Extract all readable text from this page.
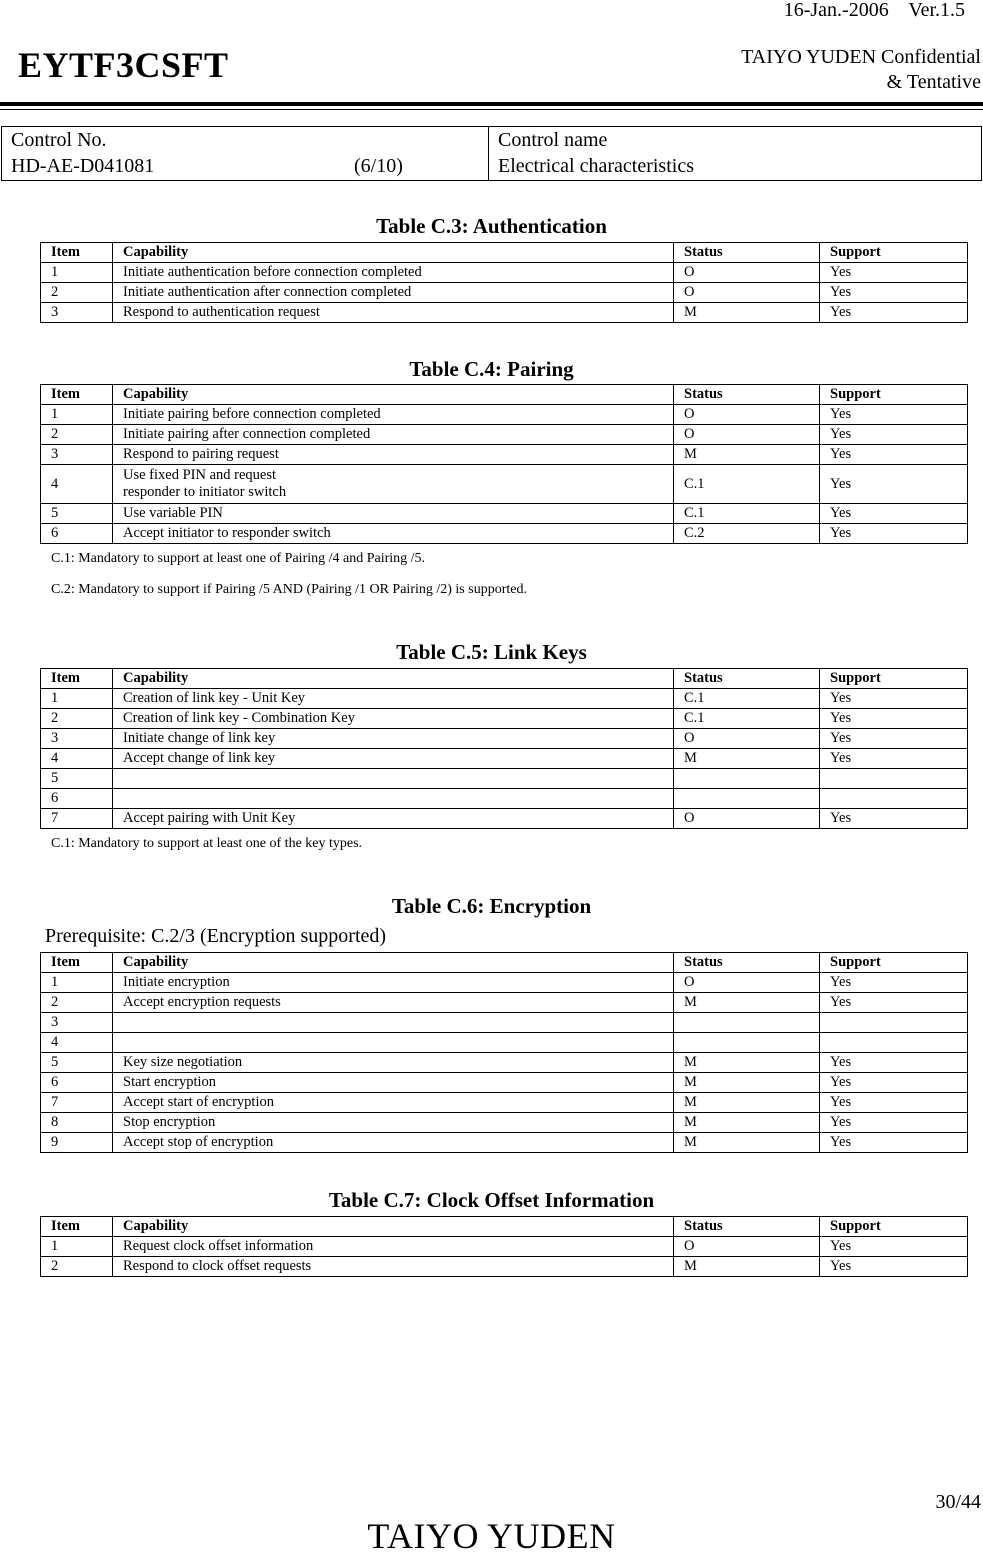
16-Jan.-2006    Ver.1.5
EYTF3CSFT	TAIYO YUDEN Confidential
& Tentative
Control No.
HD-AE-D041081	(6/10)
Control name
Electrical characteristics
Table C.3: Authentication
Item	Capability	Status	Support
1	Initiate authentication before connection completed	O	Yes
2	Initiate authentication after connection completed	O	Yes
3	Respond to authentication request	M	Yes
Table C.4: Pairing
Item	Capability	Status	Support
1	Initiate pairing before connection completed	O	Yes
2	Initiate pairing after connection completed	O	Yes
3	Respond to pairing request	M	Yes
4	Use fixed PIN and request
responder to initiator switch	C.1	Yes
5	Use variable PIN	C.1	Yes
6	Accept initiator to responder switch	C.2	Yes
C.1: Mandatory to support at least one of Pairing /4 and Pairing /5.
C.2: Mandatory to support if Pairing /5 AND (Pairing /1 OR Pairing /2) is supported.
Table C.5: Link Keys
Item	Capability	Status	Support
1	Creation of link key - Unit Key	C.1	Yes
2	Creation of link key - Combination Key	C.1	Yes
3	Initiate change of link key	O	Yes
4	Accept change of link key	M	Yes
5			
6			
7	Accept pairing with Unit Key	O	Yes
C.1: Mandatory to support at least one of the key types.
Table C.6: Encryption
Prerequisite: C.2/3 (Encryption supported)
Item	Capability	Status	Support
1	Initiate encryption	O	Yes
2	Accept encryption requests	M	Yes
3			
4			
5	Key size negotiation	M	Yes
6	Start encryption	M	Yes
7	Accept start of encryption	M	Yes
8	Stop encryption	M	Yes
9	Accept stop of encryption	M	Yes
Table C.7: Clock Offset Information
Item	Capability	Status	Support
1	Request clock offset information	O	Yes
2	Respond to clock offset requests	M	Yes
30/44
TAIYO YUDEN
